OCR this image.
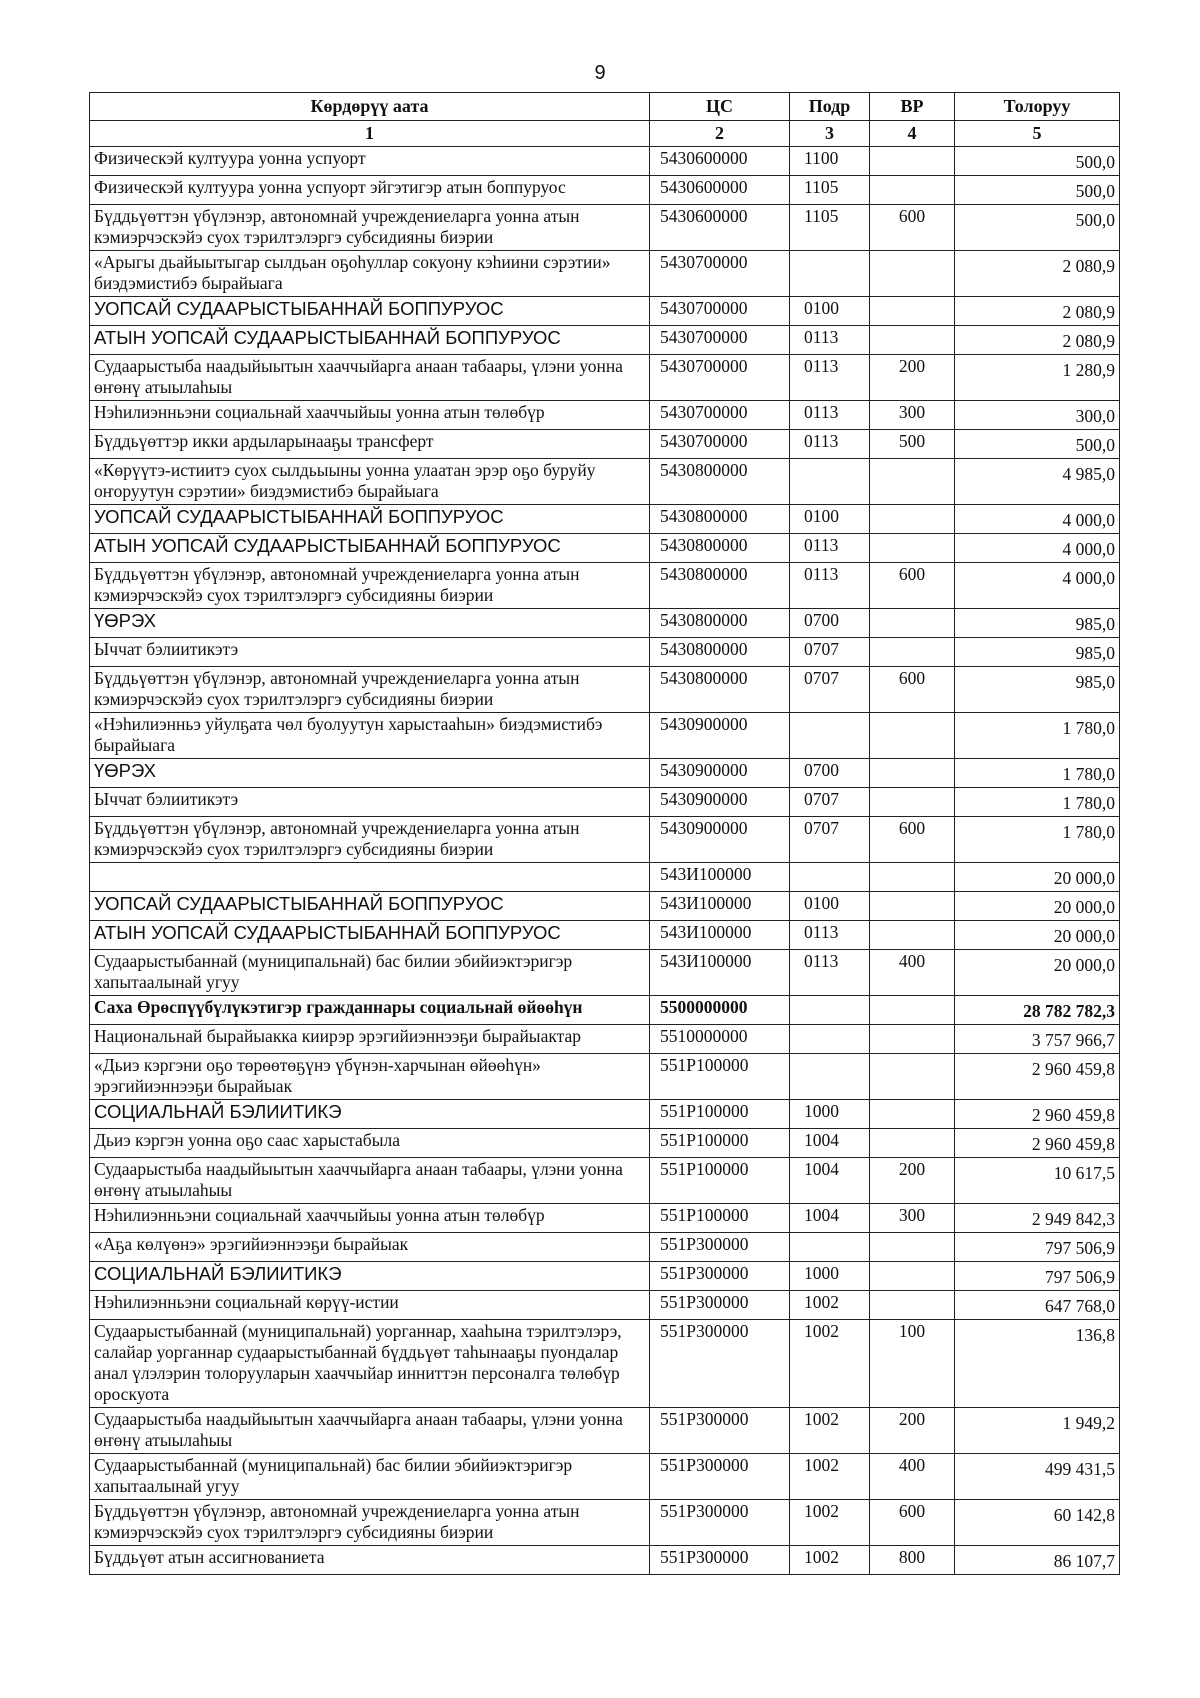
9
Көрдөрүү аата	ЦС	Подр	ВР	Толоруу
1	2	3	4	5
Физическэй култуура уонна успуорт	5430600000	1100		500,0
Физическэй култуура уонна успуорт эйгэтигэр атын боппуруос	5430600000	1105		500,0
Бүддьүөттэн үбүлэнэр, автономнай учреждениеларга уонна атын кэмиэрчэскэйэ суох тэрилтэлэргэ субсидияны биэрии	5430600000	1105	600	500,0
«Арыгы дьайыытыгар сылдьан оҕоһуллар сокуону кэһиини сэрэтии» биэдэмистибэ бырайыага	5430700000			2 080,9
УОПСАЙ СУДААРЫСТЫБАННАЙ БОППУРУОС	5430700000	0100		2 080,9
АТЫН УОПСАЙ СУДААРЫСТЫБАННАЙ БОППУРУОС	5430700000	0113		2 080,9
Судаарыстыба наадыйыытын хааччыйарга анаан табаары, үлэни уонна өҥөнү атыылаһыы	5430700000	0113	200	1 280,9
Нэһилиэнньэни социальнай хааччыйыы уонна атын төлөбүр	5430700000	0113	300	300,0
Бүддьүөттэр икки ардыларынааҕы трансферт	5430700000	0113	500	500,0
«Көрүүтэ-истиитэ суох сылдьыыны уонна улаатан эрэр оҕо буруйу оҥоруутун сэрэтии» биэдэмистибэ бырайыага	5430800000			4 985,0
УОПСАЙ СУДААРЫСТЫБАННАЙ БОППУРУОС	5430800000	0100		4 000,0
АТЫН УОПСАЙ СУДААРЫСТЫБАННАЙ БОППУРУОС	5430800000	0113		4 000,0
Бүддьүөттэн үбүлэнэр, автономнай учреждениеларга уонна атын кэмиэрчэскэйэ суох тэрилтэлэргэ субсидияны биэрии	5430800000	0113	600	4 000,0
ҮӨРЭХ	5430800000	0700		985,0
Ыччат бэлиитикэтэ	5430800000	0707		985,0
Бүддьүөттэн үбүлэнэр, автономнай учреждениеларга уонна атын кэмиэрчэскэйэ суох тэрилтэлэргэ субсидияны биэрии	5430800000	0707	600	985,0
«Нэһилиэнньэ уйулҕата чөл буолуутун харыстааһын» биэдэмистибэ бырайыага	5430900000			1 780,0
ҮӨРЭХ	5430900000	0700		1 780,0
Ыччат бэлиитикэтэ	5430900000	0707		1 780,0
Бүддьүөттэн үбүлэнэр, автономнай учреждениеларга уонна атын кэмиэрчэскэйэ суох тэрилтэлэргэ субсидияны биэрии	5430900000	0707	600	1 780,0
	543И100000			20 000,0
УОПСАЙ СУДААРЫСТЫБАННАЙ БОППУРУОС	543И100000	0100		20 000,0
АТЫН УОПСАЙ СУДААРЫСТЫБАННАЙ БОППУРУОС	543И100000	0113		20 000,0
Судаарыстыбаннай (муниципальнай) бас билии эбийиэктэригэр хапытаалынай угуу	543И100000	0113	400	20 000,0
Саха Өрөспүүбүлүкэтигэр гражданнары социальнай өйөөһүн	5500000000			28 782 782,3
Национальнай бырайыакка киирэр эрэгийиэннээҕи бырайыактар	5510000000			3 757 966,7
«Дьиэ кэргэни оҕо төрөөтөҕүнэ үбүнэн-харчынан өйөөһүн» эрэгийиэннээҕи бырайыак	551Р100000			2 960 459,8
СОЦИАЛЬНАЙ БЭЛИИТИКЭ	551Р100000	1000		2 960 459,8
Дьиэ кэргэн уонна оҕо саас харыстабыла	551Р100000	1004		2 960 459,8
Судаарыстыба наадыйыытын хааччыйарга анаан табаары, үлэни уонна өҥөнү атыылаһыы	551Р100000	1004	200	10 617,5
Нэһилиэнньэни социальнай хааччыйыы уонна атын төлөбүр	551Р100000	1004	300	2 949 842,3
«Аҕа көлүөнэ» эрэгийиэннээҕи бырайыак	551Р300000			797 506,9
СОЦИАЛЬНАЙ БЭЛИИТИКЭ	551Р300000	1000		797 506,9
Нэһилиэнньэни социальнай көрүү-истии	551Р300000	1002		647 768,0
Судаарыстыбаннай (муниципальнай) уорганнар, хааһына тэрилтэлэрэ, салайар уорганнар судаарыстыбаннай бүддьүөт таһынааҕы пуондалар анал үлэлэрин толорууларын хааччыйар инниттэн персоналга төлөбүр ороскуота	551Р300000	1002	100	136,8
Судаарыстыба наадыйыытын хааччыйарга анаан табаары, үлэни уонна өҥөнү атыылаһыы	551Р300000	1002	200	1 949,2
Судаарыстыбаннай (муниципальнай) бас билии эбийиэктэригэр хапытаалынай угуу	551Р300000	1002	400	499 431,5
Бүддьүөттэн үбүлэнэр, автономнай учреждениеларга уонна атын кэмиэрчэскэйэ суох тэрилтэлэргэ субсидияны биэрии	551Р300000	1002	600	60 142,8
Бүддьүөт атын ассигнованиета	551Р300000	1002	800	86 107,7
